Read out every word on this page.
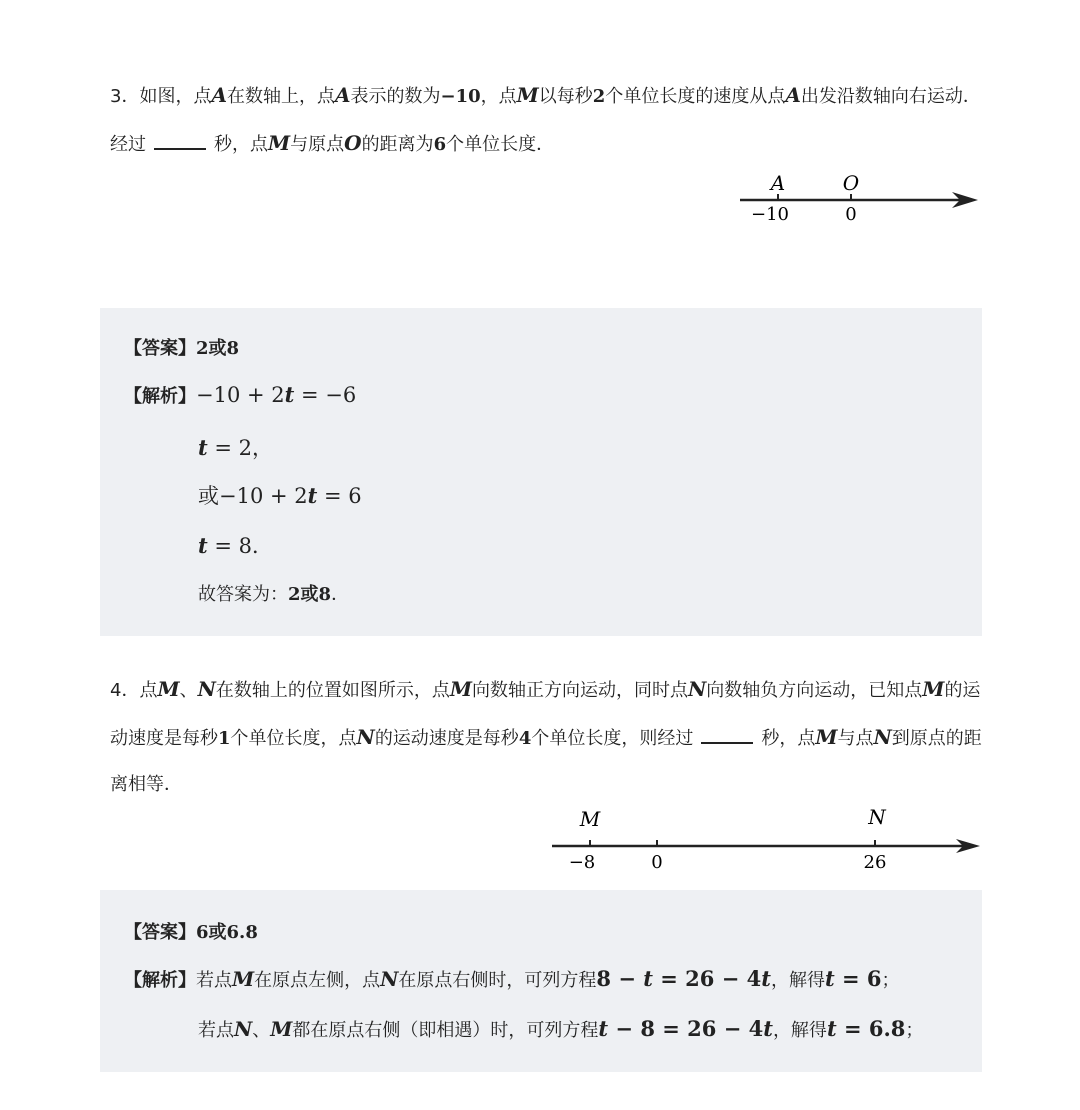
3．如图，点A在数轴上，点A表示的数为−10，点M以每秒2个单位长度的速度从点A出发沿数轴向右运动．经过	秒，点M与原点O的距离为6个单位长度．
A	O
−10	0
【答案】2或8
【解析】−10 + 2t = −6
t = 2，
或−10 + 2t = 6
t = 8．
故答案为：2或8．
4．点M、N在数轴上的位置如图所示，点M向数轴正方向运动，同时点N向数轴负方向运动，已知点M的运动速度是每秒1个单位长度，点N的运动速度是每秒4个单位长度，则经过	秒，点M与点N到原点的距离相等．
M	N
−8	0	26
【答案】6或6.8
【解析】若点M在原点左侧，点N在原点右侧时，可列方程8 − t = 26 − 4t，解得t = 6；
若点N、M都在原点右侧（即相遇）时，可列方程t − 8 = 26 − 4t，解得t = 6.8；
